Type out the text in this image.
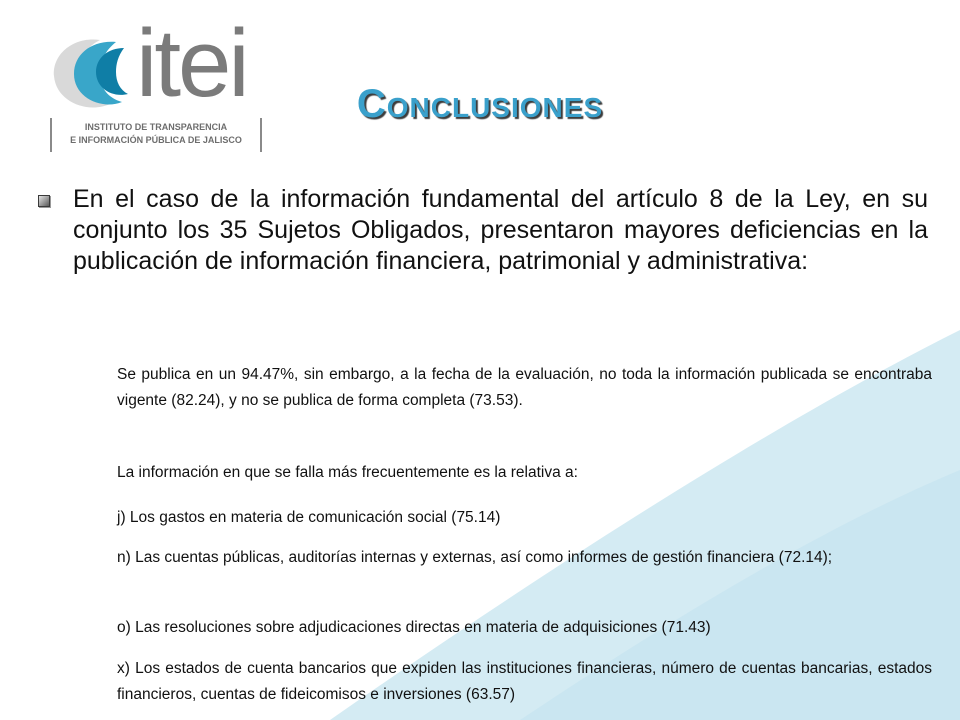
itei
INSTITUTO DE TRANSPARENCIA
E INFORMACIÓN PÚBLICA DE JALISCO
Conclusiones
En el caso de la información fundamental del artículo 8 de la Ley, en su conjunto los 35 Sujetos Obligados, presentaron mayores deficiencias en la publicación de información financiera, patrimonial y administrativa:
Se publica en un 94.47%, sin embargo, a la fecha de la evaluación, no toda la información publicada se encontraba vigente (82.24), y no se publica de forma completa (73.53).
La información en que se falla más frecuentemente es la relativa a:
j) Los gastos en materia de comunicación social (75.14)
n) Las cuentas públicas, auditorías internas y externas, así como informes de gestión financiera (72.14);
o) Las resoluciones sobre adjudicaciones directas en materia de adquisiciones (71.43)
x) Los estados de cuenta bancarios que expiden las instituciones financieras, número de cuentas bancarias, estados financieros, cuentas de fideicomisos e inversiones (63.57)
